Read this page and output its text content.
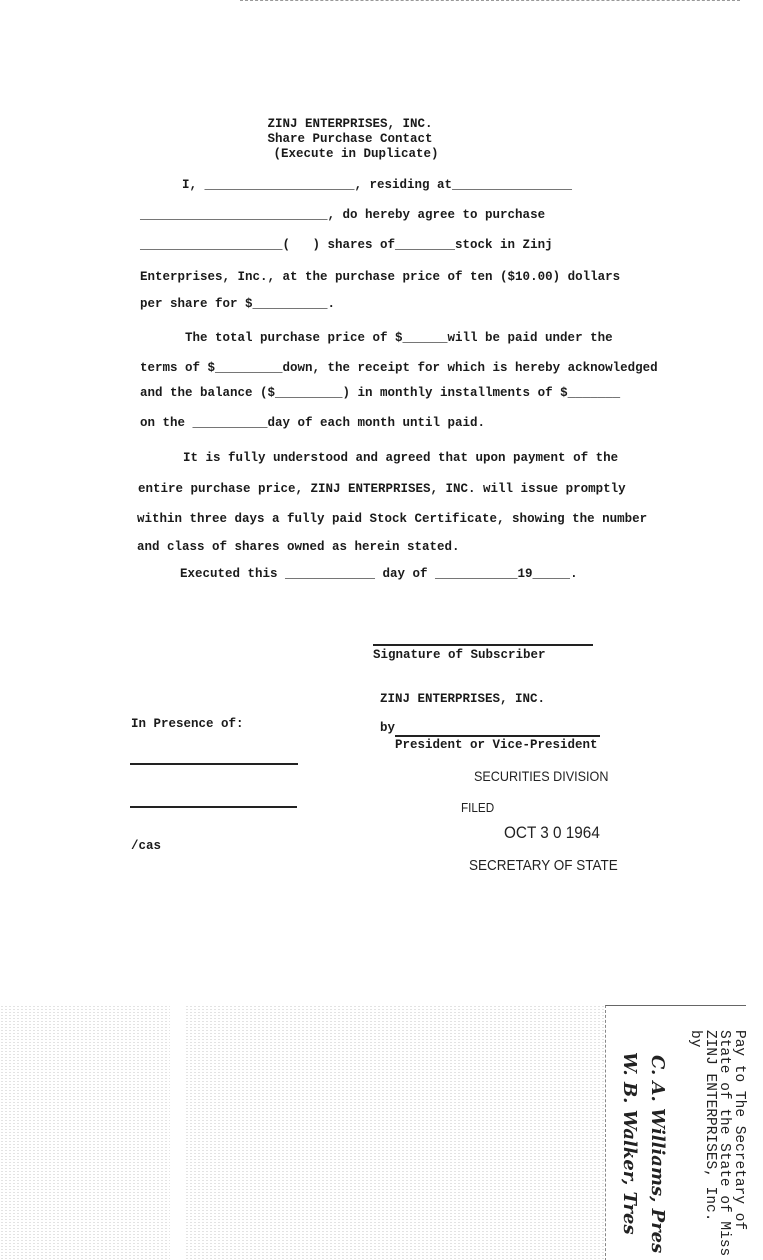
ZINJ ENTERPRISES, INC.
Share Purchase Contact
(Execute in Duplicate)
I, ____________________, residing at________________
_________________________, do hereby agree to purchase
___________________(   ) shares of________stock in Zinj
Enterprises, Inc., at the purchase price of ten ($10.00) dollars
per share for $__________.
The total purchase price of $______will be paid under the
terms of $_________down, the receipt for which is hereby acknowledged
and the balance ($_________) in monthly installments of $_______
on the __________day of each month until paid.
It is fully understood and agreed that upon payment of the
entire purchase price, ZINJ ENTERPRISES, INC. will issue promptly
within three days a fully paid Stock Certificate, showing the number
and class of shares owned as herein stated.
Executed this ____________ day of ___________19_____.
Signature of Subscriber
ZINJ ENTERPRISES, INC.
In Presence of:	by
President or Vice-President
/cas
SECURITIES DIVISION
FILED
OCT 3 0 1964
SECRETARY OF STATE
Pay to The Secretary of
State of the State of Miss
ZINJ ENTERPRISES, Inc.
by
C. A. Williams, Pres
W. B. Walker, Tres
